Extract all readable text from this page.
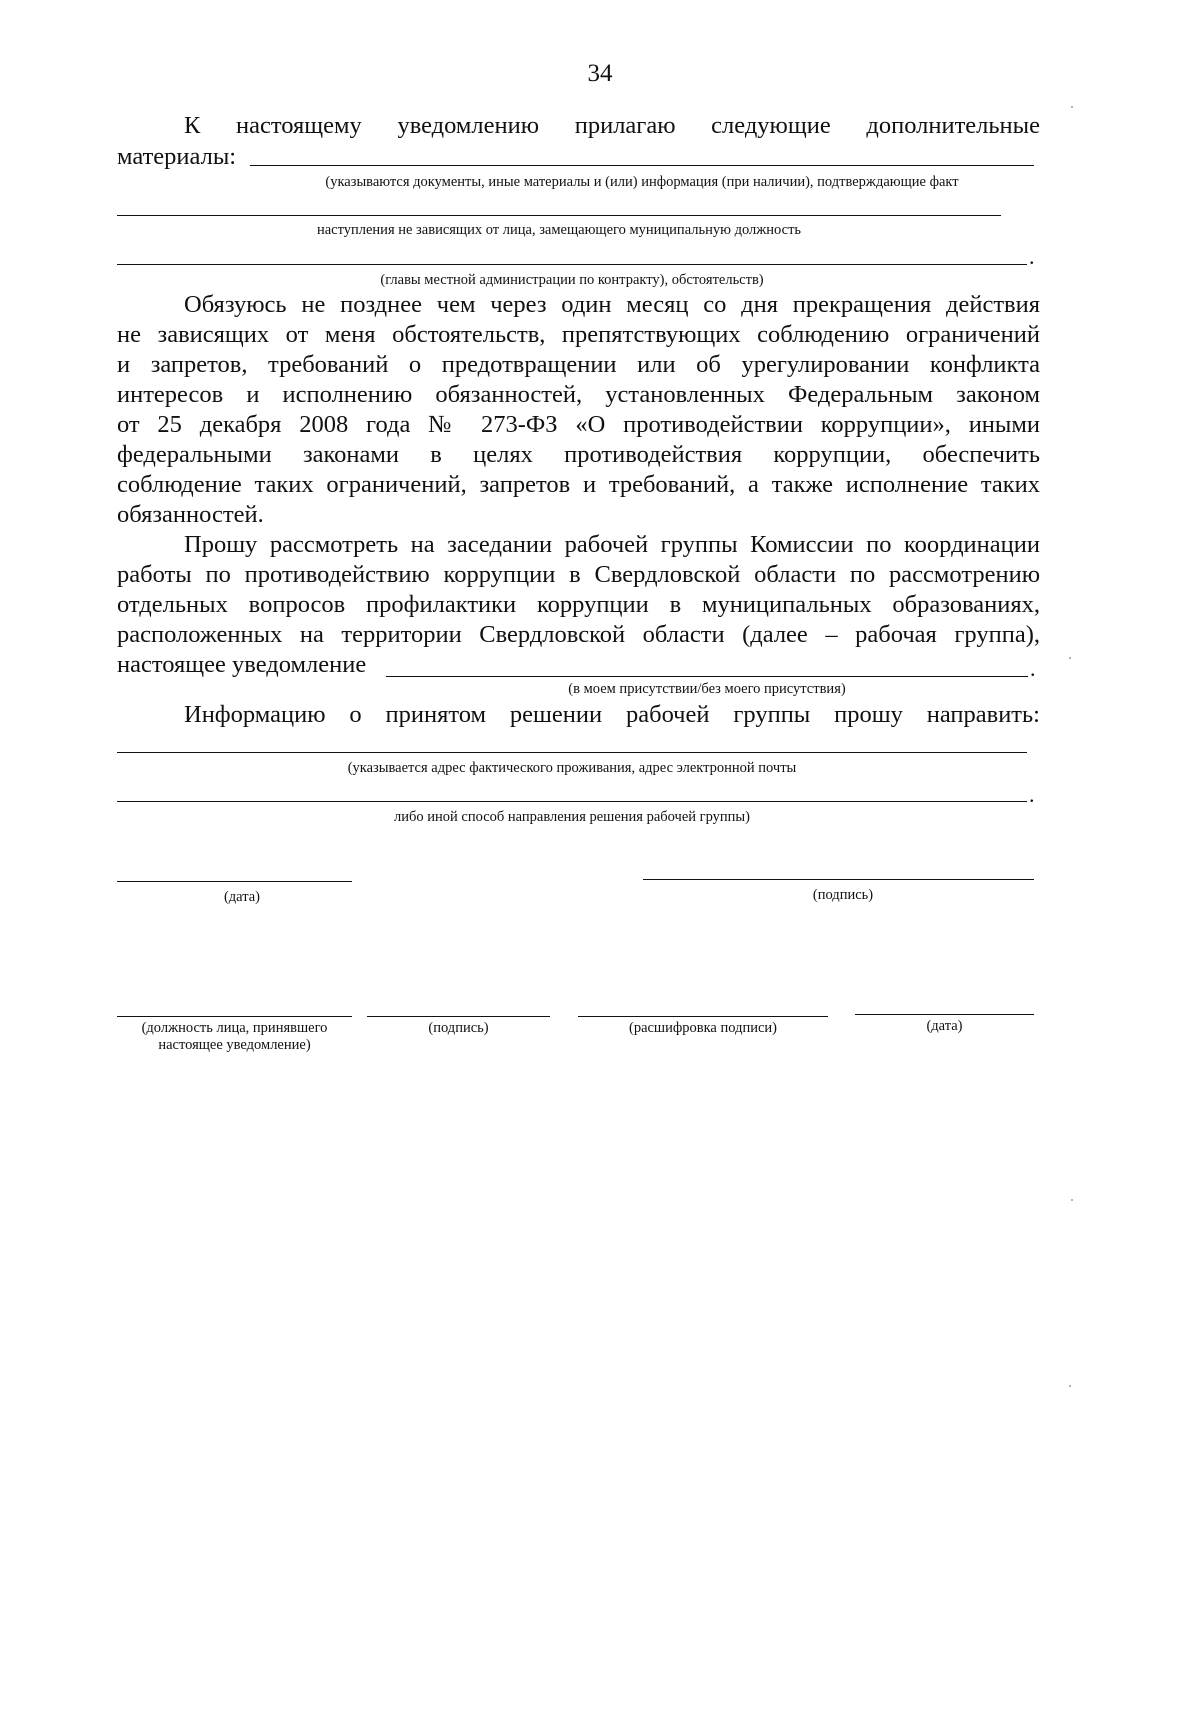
34
К настоящему уведомлению прилагаю следующие дополнительные
материалы:
(указываются документы, иные материалы и (или) информация (при наличии), подтверждающие факт
наступления не зависящих от лица, замещающего муниципальную должность
.
(главы местной администрации по контракту), обстоятельств)
Обязуюсь не позднее чем через один месяц со дня прекращения действия
не зависящих от меня обстоятельств, препятствующих соблюдению ограничений
и запретов, требований о предотвращении или об урегулировании конфликта
интересов и исполнению обязанностей, установленных Федеральным законом
от 25 декабря 2008 года № 273-ФЗ «О противодействии коррупции», иными
федеральными законами в целях противодействия коррупции, обеспечить
соблюдение таких ограничений, запретов и требований, а также исполнение таких
обязанностей.
Прошу рассмотреть на заседании рабочей группы Комиссии по координации
работы по противодействию коррупции в Свердловской области по рассмотрению
отдельных вопросов профилактики коррупции в муниципальных образованиях,
расположенных на территории Свердловской области (далее – рабочая группа),
настоящее уведомление	.
(в моем присутствии/без моего присутствия)
Информацию о принятом решении рабочей группы прошу направить:
(указывается адрес фактического проживания, адрес электронной почты
.
либо иной способ направления решения рабочей группы)
(дата)	(подпись)
(должность лица, принявшего
настоящее уведомление)
(подпись)	(расшифровка подписи)	(дата)
